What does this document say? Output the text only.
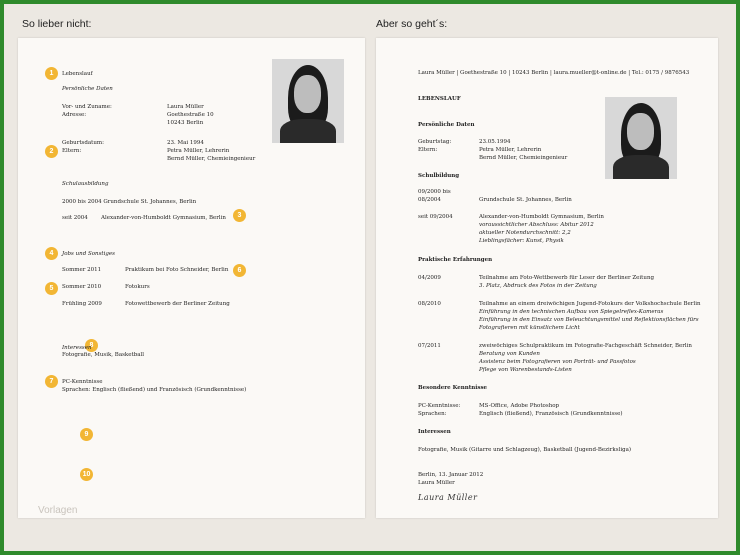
So lieber nicht:	Aber so geht´s:
1	Lebenslauf
Persönliche Daten
Vor- und Zuname:	Laura Müller
Adresse:	Goethestraße 10
10243 Berlin
2
Geburtsdatum:	23. Mai 1994
Eltern:	Petra Müller, Lehrerin
Bernd Müller, Chemieingenieur
Schulausbildung
2000 bis 2004 Grundschule St. Johannes, Berlin
seit 2004 Alexander-von-Humboldt Gymnasium, Berlin	3
4	Jobs und Sonstiges
Sommer 2011	Praktikum bei Foto Schneider, Berlin	6
5	Sommer 2010	Fotokurs
Frühling 2009	Fotowettbewerb der Berliner Zeitung
8
Interessen
Fotografie, Musik, Basketball
7	PC-Kenntnisse
Sprachen: Englisch (fließend) und Französisch (Grundkenntnisse)
9
10
Laura Müller | Goethestraße 10 | 10243 Berlin | laura.mueller@t-online.de | Tel.: 0175 / 9876543
LEBENSLAUF
Persönliche Daten
Geburtstag:	23.05.1994
Eltern:	Petra Müller, Lehrerin
Bernd Müller, Chemieingenieur
Schulbildung
09/2000 bis
08/2004	Grundschule St. Johannes, Berlin
seit 09/2004	Alexander-von-Humboldt Gymnasium, Berlin
voraussichtlicher Abschluss: Abitur 2012
aktueller Notendurchschnitt: 2,2
Lieblingsfächer: Kunst, Physik
Praktische Erfahrungen
04/2009	Teilnahme am Foto-Wettbewerb für Leser der Berliner Zeitung
3. Platz, Abdruck des Fotos in der Zeitung
08/2010	Teilnahme an einem dreiwöchigen Jugend-Fotokurs der Volkshochschule Berlin
Einführung in den technischen Aufbau von Spiegelreflex-Kameras
Einführung in den Einsatz von Beleuchtungsmittel und Reflektionsflächen fürs
Fotografieren mit künstlichem Licht
07/2011	zweiwöchiges Schulpraktikum im Fotografie-Fachgeschäft Schneider, Berlin
Beratung von Kunden
Assistenz beim Fotografieren von Porträt- und Passfotos
Pflege von Warenbestands-Listen
Besondere Kenntnisse
PC-Kenntnisse:	MS-Office, Adobe Photoshop
Sprachen:	Englisch (fließend), Französisch (Grundkenntnisse)
Interessen
Fotografie, Musik (Gitarre und Schlagzeug), Basketball (Jugend-Bezirksliga)
Berlin, 13. Januar 2012
Laura Müller
Laura Müller
Vorlagen
